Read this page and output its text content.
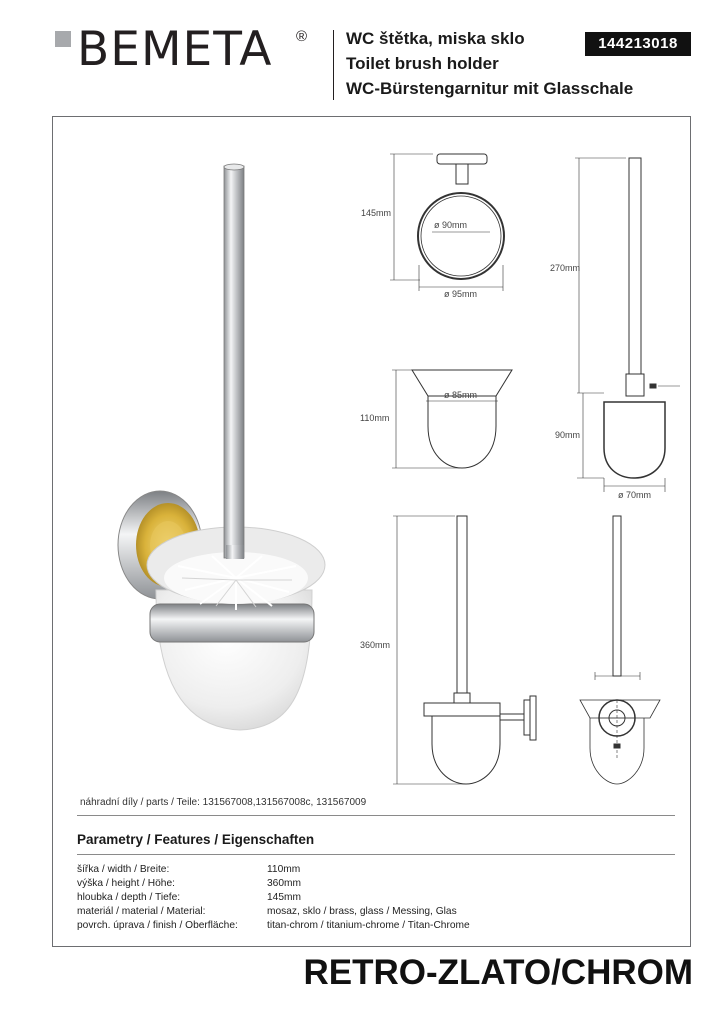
BEMETA ® WC štětka, miska sklo
Toilet brush holder
WC-Bürstengarnitur mit Glasschale
144213018
145mm
ø 90mm
ø 95mm
270mm
110mm
ø 85mm
90mm
ø 70mm
360mm
náhradní díly / parts / Teile: 131567008,131567008c, 131567009
Parametry / Features / Eigenschaften
šířka / width / Breite:	110mm
výška / height / Höhe:	360mm
hloubka / depth / Tiefe:	145mm
materiál / material / Material:	mosaz, sklo / brass, glass / Messing, Glas
povrch. úprava / finish / Oberfläche:	titan-chrom / titanium-chrome / Titan-Chrome
RETRO-ZLATO/CHROM
